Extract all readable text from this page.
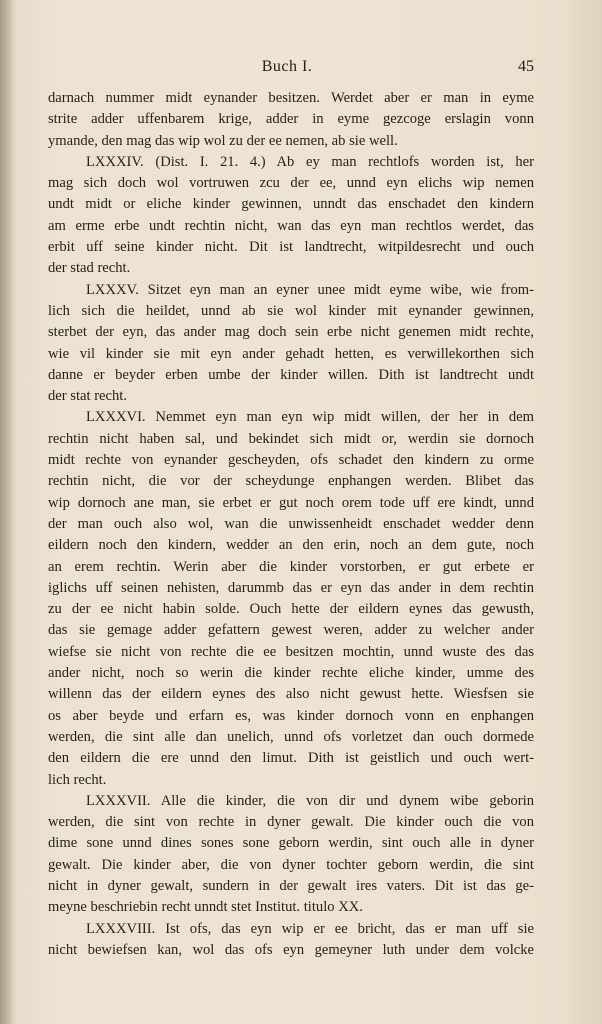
Buch I.	45
darnach nummer midt eynander besitzen. Werdet aber er man in eyme
strite adder uffenbarem krige, adder in eyme gezcoge erslagin vonn
ymande, den mag das wip wol zu der ee nemen, ab sie well.
LXXXIV. (Dist. I. 21. 4.) Ab ey man rechtlofs worden ist, her
mag sich doch wol vortruwen zcu der ee, unnd eyn elichs wip nemen
undt midt or eliche kinder gewinnen, unndt das enschadet den kindern
am erme erbe undt rechtin nicht, wan das eyn man rechtlos werdet, das
erbit uff seine kinder nicht. Dit ist landtrecht, witpildesrecht und ouch
der stad recht.
LXXXV. Sitzet eyn man an eyner unee midt eyme wibe, wie from-
lich sich die heildet, unnd ab sie wol kinder mit eynander gewinnen,
sterbet der eyn, das ander mag doch sein erbe nicht genemen midt rechte,
wie vil kinder sie mit eyn ander gehadt hetten, es verwillekorthen sich
danne er beyder erben umbe der kinder willen. Dith ist landtrecht undt
der stat recht.
LXXXVI. Nemmet eyn man eyn wip midt willen, der her in dem
rechtin nicht haben sal, und bekindet sich midt or, werdin sie dornoch
midt rechte von eynander gescheyden, ofs schadet den kindern zu orme
rechtin nicht, die vor der scheydunge enphangen werden. Blibet das
wip dornoch ane man, sie erbet er gut noch orem tode uff ere kindt, unnd
der man ouch also wol, wan die unwissenheidt enschadet wedder denn
eildern noch den kindern, wedder an den erin, noch an dem gute, noch
an erem rechtin. Werin aber die kinder vorstorben, er gut erbete er
iglichs uff seinen nehisten, darummb das er eyn das ander in dem rechtin
zu der ee nicht habin solde. Ouch hette der eildern eynes das gewusth,
das sie gemage adder gefattern gewest weren, adder zu welcher ander
wiefse sie nicht von rechte die ee besitzen mochtin, unnd wuste des das
ander nicht, noch so werin die kinder rechte eliche kinder, umme des
willenn das der eildern eynes des also nicht gewust hette. Wiesfsen sie
os aber beyde und erfarn es, was kinder dornoch vonn en enphangen
werden, die sint alle dan unelich, unnd ofs vorletzet dan ouch dormede
den eildern die ere unnd den limut. Dith ist geistlich und ouch wert-
lich recht.
LXXXVII. Alle die kinder, die von dir und dynem wibe geborin
werden, die sint von rechte in dyner gewalt. Die kinder ouch die von
dime sone unnd dines sones sone geborn werdin, sint ouch alle in dyner
gewalt. Die kinder aber, die von dyner tochter geborn werdin, die sint
nicht in dyner gewalt, sundern in der gewalt ires vaters. Dit ist das ge-
meyne beschriebin recht unndt stet Institut. titulo XX.
LXXXVIII. Ist ofs, das eyn wip er ee bricht, das er man uff sie
nicht bewiefsen kan, wol das ofs eyn gemeyner luth under dem volcke
